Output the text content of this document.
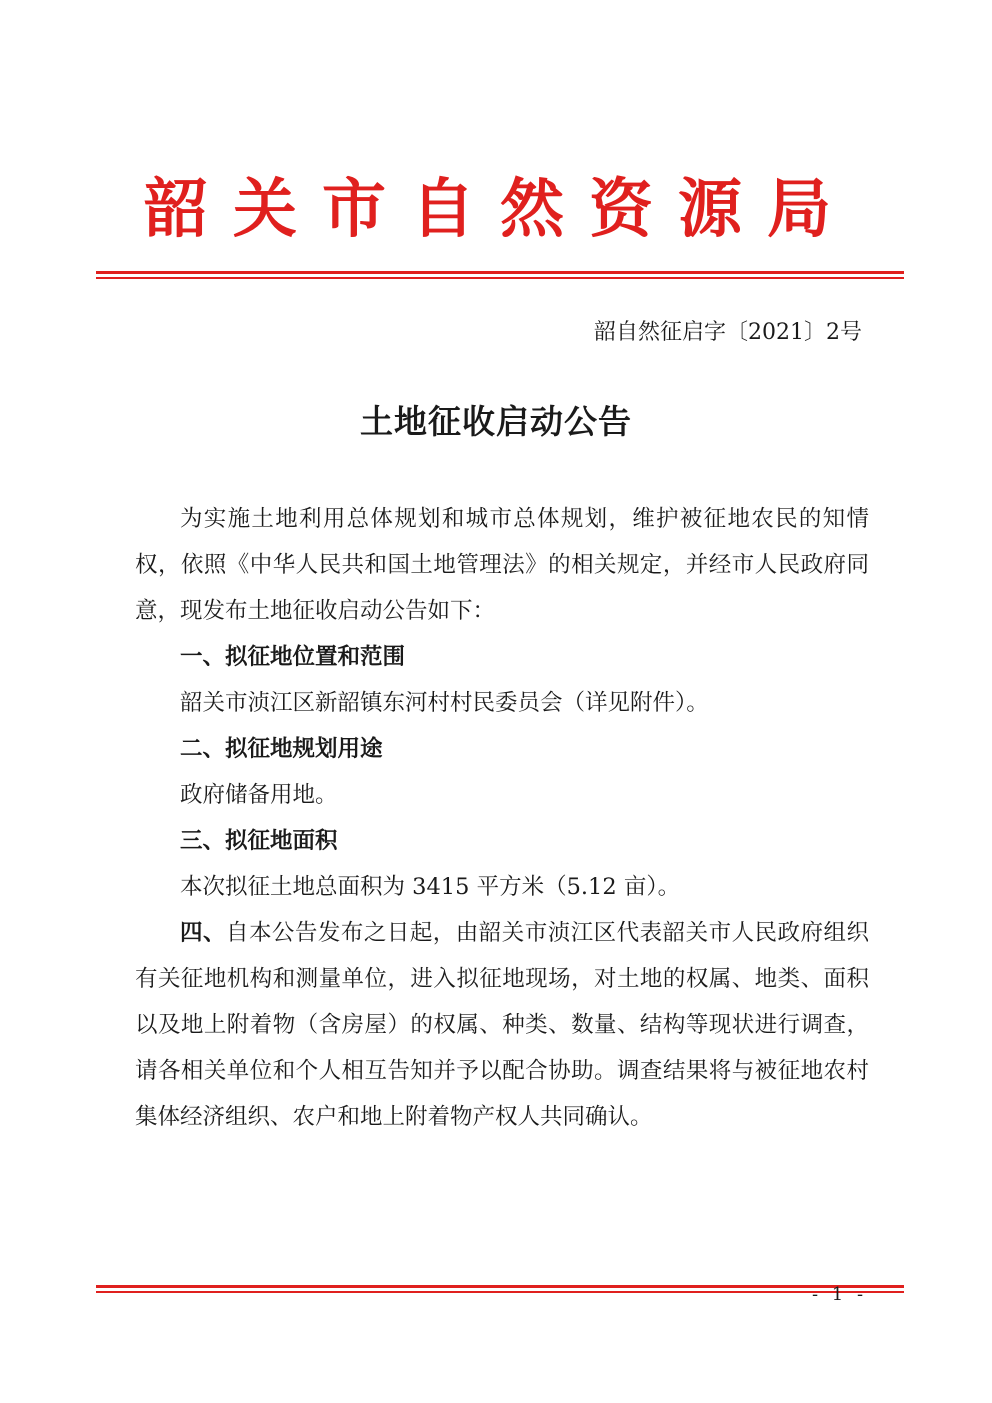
韶关市自然资源局
韶自然征启字〔2021〕2号
土地征收启动公告

为实施土地利用总体规划和城市总体规划，维护被征地农民的知情权，依照《中华人民共和国土地管理法》的相关规定，并经市人民政府同意，现发布土地征收启动公告如下：

一、拟征地位置和范围

韶关市浈江区新韶镇东河村村民委员会（详见附件）。

二、拟征地规划用途

政府储备用地。

三、拟征地面积

本次拟征土地总面积为 3415 平方米（5.12 亩）。

四、自本公告发布之日起，由韶关市浈江区代表韶关市人民政府组织有关征地机构和测量单位，进入拟征地现场，对土地的权属、地类、面积以及地上附着物（含房屋）的权属、种类、数量、结构等现状进行调查，请各相关单位和个人相互告知并予以配合协助。调查结果将与被征地农村集体经济组织、农户和地上附着物产权人共同确认。

- 1 -
